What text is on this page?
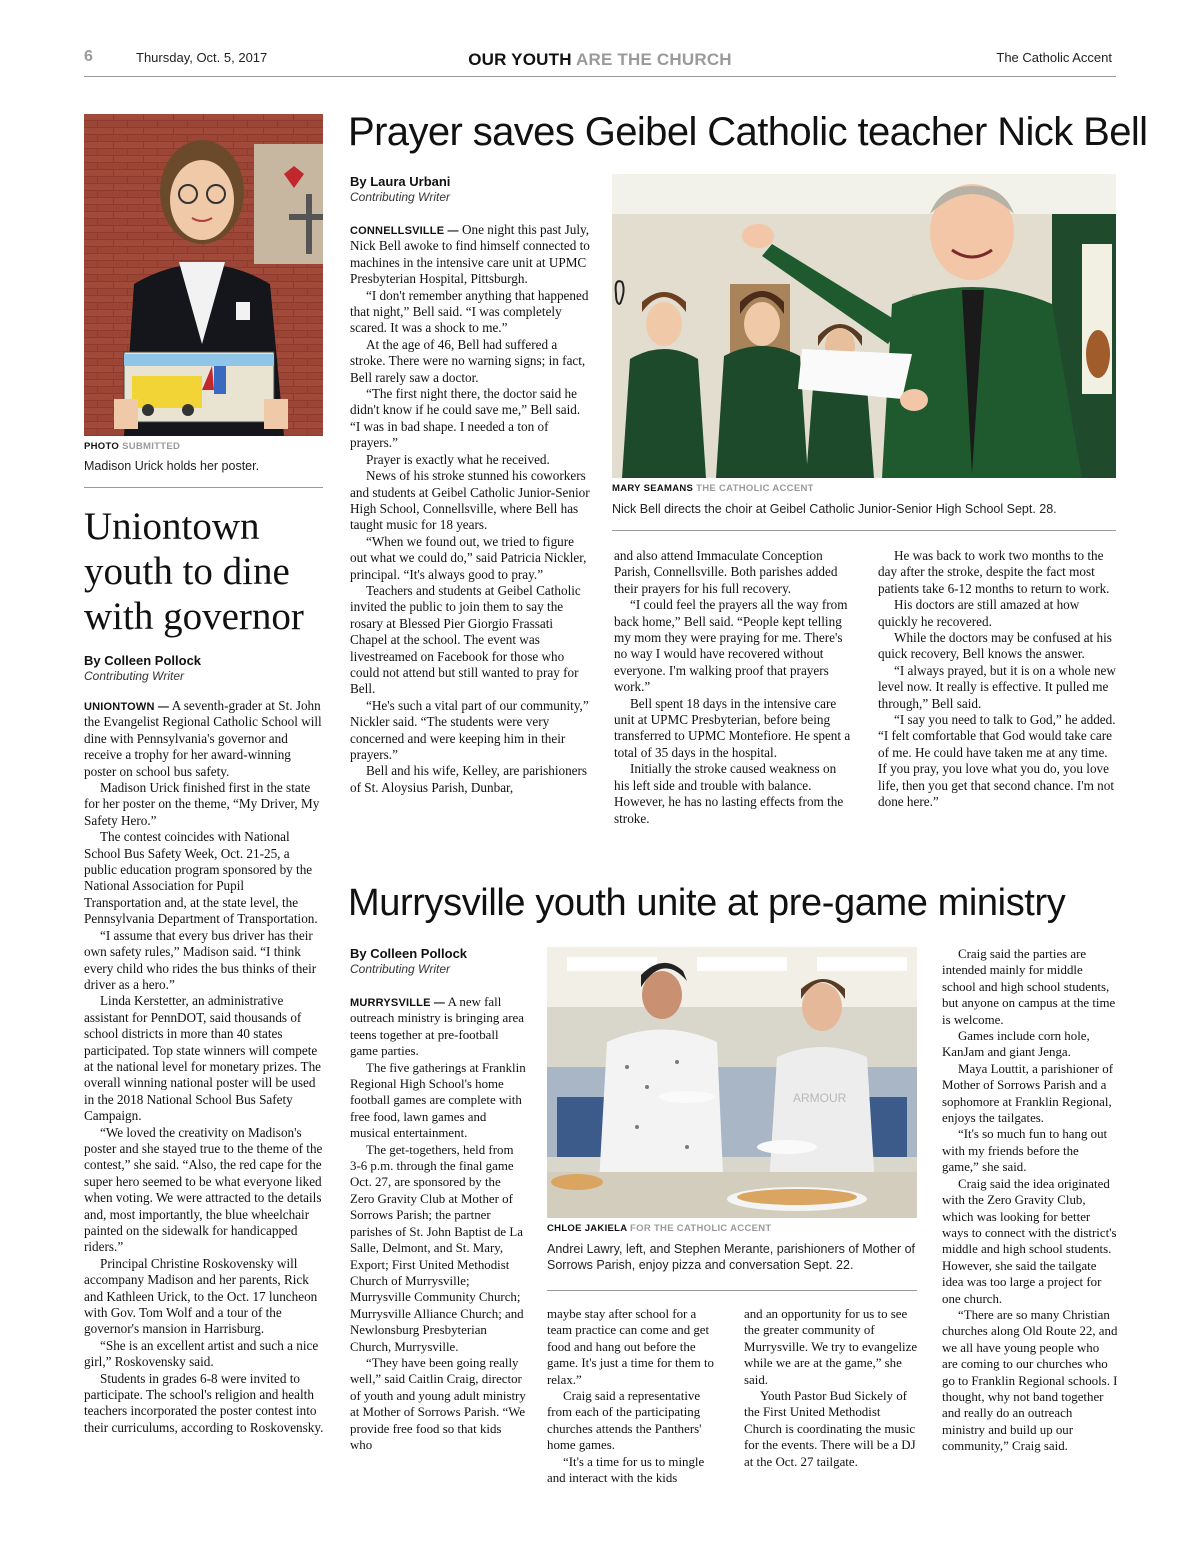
6	Thursday, Oct. 5, 2017	OUR YOUTH ARE THE CHURCH	The Catholic Accent
PHOTO SUBMITTED
Madison Urick holds her poster.
Uniontown
youth to dine
with governor
By Colleen Pollock
Contributing Writer

UNIONTOWN — A seventh-grader at St. John the Evangelist Regional Catholic School will dine with Pennsylvania's governor and receive a trophy for her award-winning poster on school bus safety.

Madison Urick finished first in the state for her poster on the theme, “My Driver, My Safety Hero.”

The contest coincides with National School Bus Safety Week, Oct. 21-25, a public education program sponsored by the National Association for Pupil Transportation and, at the state level, the Pennsylvania Department of Transportation.

“I assume that every bus driver has their own safety rules,” Madison said. “I think every child who rides the bus thinks of their driver as a hero.”

Linda Kerstetter, an administrative assistant for PennDOT, said thousands of school districts in more than 40 states participated. Top state winners will compete at the national level for monetary prizes. The overall winning national poster will be used in the 2018 National School Bus Safety Campaign.

“We loved the creativity on Madison's poster and she stayed true to the theme of the contest,” she said. “Also, the red cape for the super hero seemed to be what everyone liked when voting. We were attracted to the details and, most importantly, the blue wheelchair painted on the sidewalk for handicapped riders.”

Principal Christine Roskovensky will accompany Madison and her parents, Rick and Kathleen Urick, to the Oct. 17 luncheon with Gov. Tom Wolf and a tour of the governor's mansion in Harrisburg.

“She is an excellent artist and such a nice girl,” Roskovensky said.

Students in grades 6-8 were invited to participate. The school's religion and health teachers incorporated the poster contest into their curriculums, according to Roskovensky.

Prayer saves Geibel Catholic teacher Nick Bell
By Laura Urbani
Contributing Writer

CONNELLSVILLE — One night this past July, Nick Bell awoke to find himself connected to machines in the intensive care unit at UPMC Presbyterian Hospital, Pittsburgh.

“I don't remember anything that happened that night,” Bell said. “I was completely scared. It was a shock to me.”

At the age of 46, Bell had suffered a stroke. There were no warning signs; in fact, Bell rarely saw a doctor.

“The first night there, the doctor said he didn't know if he could save me,” Bell said. “I was in bad shape. I needed a ton of prayers.”

Prayer is exactly what he received.

News of his stroke stunned his coworkers and students at Geibel Catholic Junior-Senior High School, Connellsville, where Bell has taught music for 18 years.

“When we found out, we tried to figure out what we could do,” said Patricia Nickler, principal. “It's always good to pray.”

Teachers and students at Geibel Catholic invited the public to join them to say the rosary at Blessed Pier Giorgio Frassati Chapel at the school. The event was livestreamed on Facebook for those who could not attend but still wanted to pray for Bell.

“He's such a vital part of our community,” Nickler said. “The students were very concerned and were keeping him in their prayers.”

Bell and his wife, Kelley, are parishioners of St. Aloysius Parish, Dunbar,

MARY SEAMANS THE CATHOLIC ACCENT
Nick Bell directs the choir at Geibel Catholic Junior-Senior High School Sept. 28.

and also attend Immaculate Conception Parish, Connellsville. Both parishes added their prayers for his full recovery.

“I could feel the prayers all the way from back home,” Bell said. “People kept telling my mom they were praying for me. There's no way I would have recovered without everyone. I'm walking proof that prayers work.”

Bell spent 18 days in the intensive care unit at UPMC Presbyterian, before being transferred to UPMC Montefiore. He spent a total of 35 days in the hospital.

Initially the stroke caused weakness on his left side and trouble with balance. However, he has no lasting effects from the stroke.

He was back to work two months to the day after the stroke, despite the fact most patients take 6-12 months to return to work.

His doctors are still amazed at how quickly he recovered.

While the doctors may be confused at his quick recovery, Bell knows the answer.

“I always prayed, but it is on a whole new level now. It really is effective. It pulled me through,” Bell said.

“I say you need to talk to God,” he added. “I felt comfortable that God would take care of me. He could have taken me at any time. If you pray, you love what you do, you love life, then you get that second chance. I'm not done here.”

Murrysville youth unite at pre-game ministry
By Colleen Pollock
Contributing Writer

MURRYSVILLE — A new fall outreach ministry is bringing area teens together at pre-football game parties.

The five gatherings at Franklin Regional High School's home football games are complete with free food, lawn games and musical entertainment.

The get-togethers, held from 3-6 p.m. through the final game Oct. 27, are sponsored by the Zero Gravity Club at Mother of Sorrows Parish; the partner parishes of St. John Baptist de La Salle, Delmont, and St. Mary, Export; First United Methodist Church of Murrysville; Murrysville Community Church; Murrysville Alliance Church; and Newlonsburg Presbyterian Church, Murrysville.

“They have been going really well,” said Caitlin Craig, director of youth and young adult ministry at Mother of Sorrows Parish. “We provide free food so that kids who

ARMOUR
CHLOE JAKIELA FOR THE CATHOLIC ACCENT
Andrei Lawry, left, and Stephen Merante, parishioners of Mother of Sorrows Parish, enjoy pizza and conversation Sept. 22.

maybe stay after school for a team practice can come and get food and hang out before the game. It's just a time for them to relax.”

Craig said a representative from each of the participating churches attends the Panthers' home games.

“It's a time for us to mingle and interact with the kids

and an opportunity for us to see the greater community of Murrysville. We try to evangelize while we are at the game,” she said.

Youth Pastor Bud Sickely of the First United Methodist Church is coordinating the music for the events. There will be a DJ at the Oct. 27 tailgate.

Craig said the parties are intended mainly for middle school and high school students, but anyone on campus at the time is welcome.

Games include corn hole, KanJam and giant Jenga.

Maya Louttit, a parishioner of Mother of Sorrows Parish and a sophomore at Franklin Regional, enjoys the tailgates.

“It's so much fun to hang out with my friends before the game,” she said.

Craig said the idea originated with the Zero Gravity Club, which was looking for better ways to connect with the district's middle and high school students. However, she said the tailgate idea was too large a project for one church.

“There are so many Christian churches along Old Route 22, and we all have young people who are coming to our churches who go to Franklin Regional schools. I thought, why not band together and really do an outreach ministry and build up our community,” Craig said.
